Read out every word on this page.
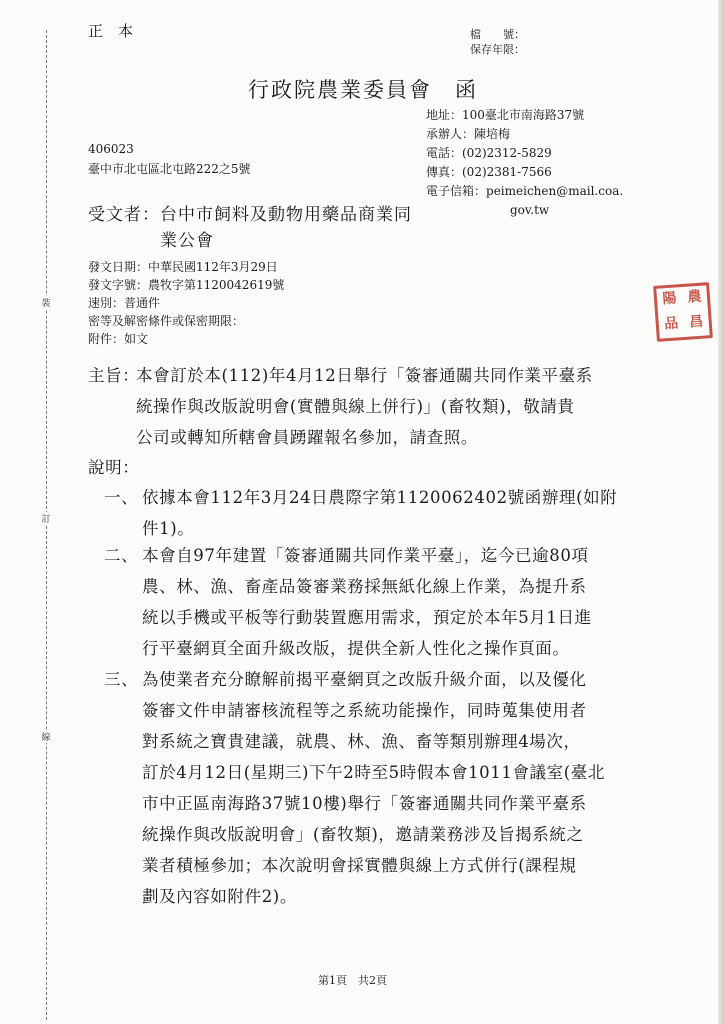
裝
訂
線
正　本	檔　　號：
保存年限：
行政院農業委員會　函
地址：100臺北市南海路37號
承辦人：陳培梅
電話：(02)2312-5829
傳真：(02)2381-7566
電子信箱：peimeichen@mail.coa.
gov.tw
406023
臺中市北屯區北屯路222之5號
受文者：台中市飼料及動物用藥品商業同
業公會
發文日期：中華民國112年3月29日
發文字號：農牧字第1120042619號
速別：普通件
密等及解密條件或保密期限：
附件：如文
陽 農
品 昌
主旨：
本會訂於本(112)年4月12日舉行「簽審通關共同作業平臺系
統操作與改版說明會(實體與線上併行)」(畜牧類)，敬請貴
公司或轉知所轄會員踴躍報名參加，請查照。
說明：
一、 依據本會112年3月24日農際字第1120062402號函辦理(如附
件1)。
二、 本會自97年建置「簽審通關共同作業平臺」，迄今已逾80項
農、林、漁、畜產品簽審業務採無紙化線上作業，為提升系
統以手機或平板等行動裝置應用需求，預定於本年5月1日進
行平臺網頁全面升級改版，提供全新人性化之操作頁面。
三、 為使業者充分瞭解前揭平臺網頁之改版升級介面，以及優化
簽審文件申請審核流程等之系統功能操作，同時蒐集使用者
對系統之寶貴建議，就農、林、漁、畜等類別辦理4場次，
訂於4月12日(星期三)下午2時至5時假本會1011會議室(臺北
市中正區南海路37號10樓)舉行「簽審通關共同作業平臺系
統操作與改版說明會」(畜牧類)，邀請業務涉及旨揭系統之
業者積極參加；本次說明會採實體與線上方式併行(課程規
劃及內容如附件2)。
第1頁　共2頁
